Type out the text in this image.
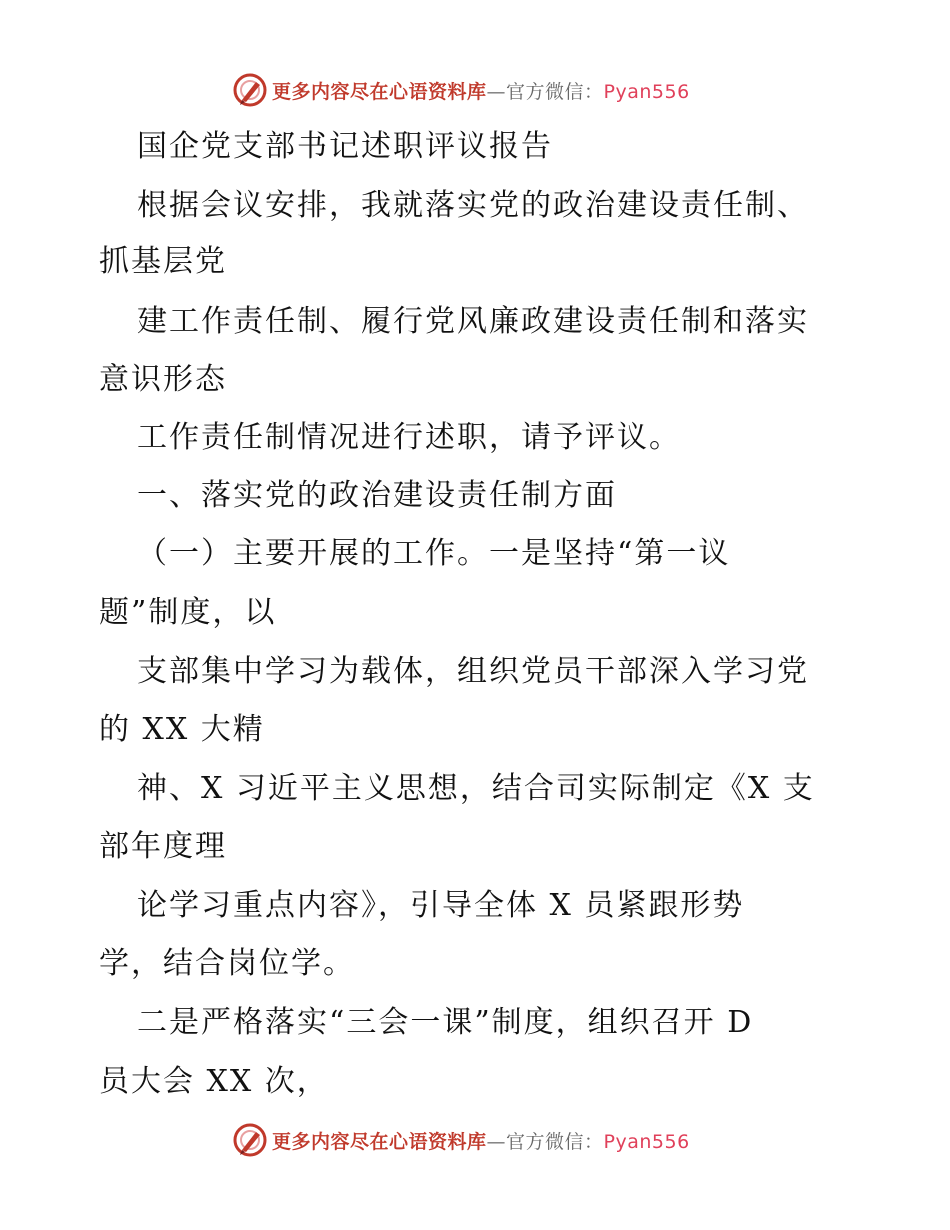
更多内容尽在心语资料库—官方微信：Pyan556
国企党支部书记述职评议报告
根据会议安排，我就落实党的政治建设责任制、
抓基层党
建工作责任制、履行党风廉政建设责任制和落实
意识形态
工作责任制情况进行述职，请予评议。
一、落实党的政治建设责任制方面
（一）主要开展的工作。一是坚持“第一议
题”制度，以
支部集中学习为载体，组织党员干部深入学习党
的 XX 大精
神、X 习近平主义思想，结合司实际制定《X 支
部年度理
论学习重点内容》，引导全体 X 员紧跟形势
学，结合岗位学。
二是严格落实“三会一课”制度，组织召开 D
员大会 XX 次，
更多内容尽在心语资料库—官方微信：Pyan556
